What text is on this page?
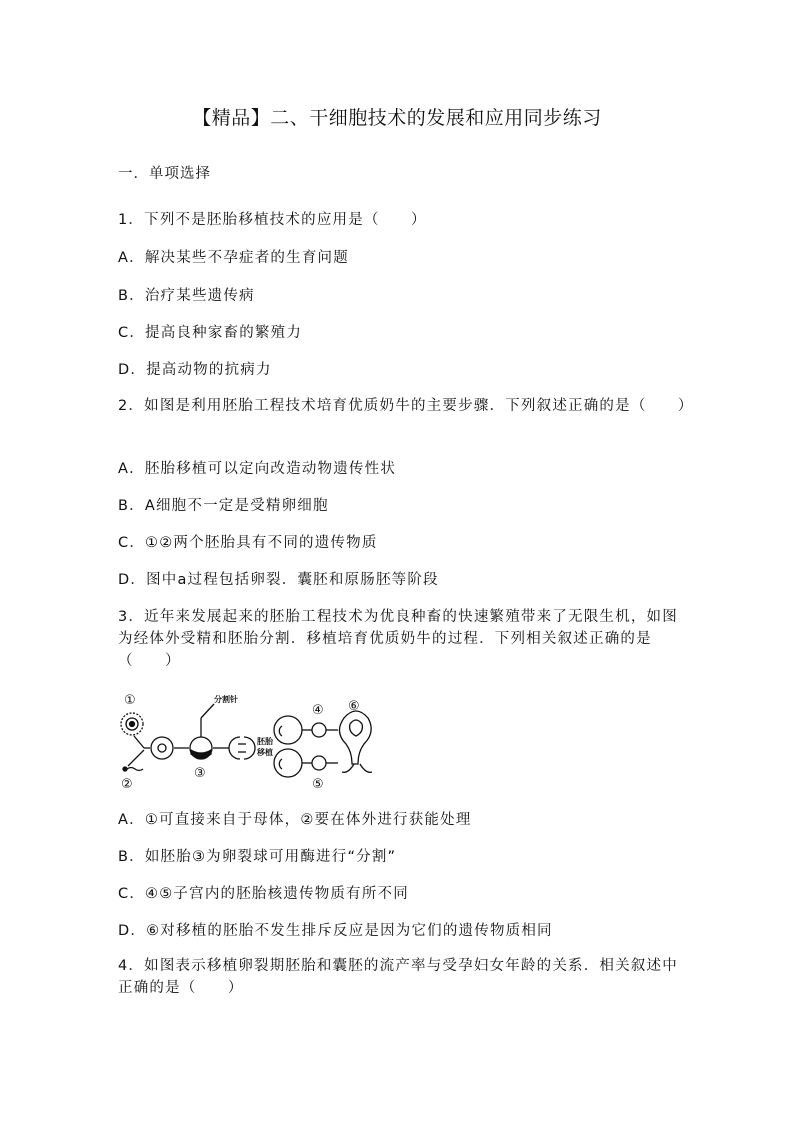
【精品】二、干细胞技术的发展和应用同步练习
一．单项选择
1．下列不是胚胎移植技术的应用是（　　）
A．解决某些不孕症者的生育问题
B．治疗某些遗传病
C．提高良种家畜的繁殖力
D．提高动物的抗病力
2．如图是利用胚胎工程技术培育优质奶牛的主要步骤．下列叙述正确的是（　　）
A．胚胎移植可以定向改造动物遗传性状
B．A细胞不一定是受精卵细胞
C．①②两个胚胎具有不同的遗传物质
D．图中a过程包括卵裂．囊胚和原肠胚等阶段
3．近年来发展起来的胚胎工程技术为优良种畜的快速繁殖带来了无限生机，如图为经体外受精和胚胎分割．移植培育优质奶牛的过程．下列相关叙述正确的是（　　）
①
②
③
④
⑤
⑥
分割针
胚胎
移植
A．①可直接来自于母体，②要在体外进行获能处理
B．如胚胎③为卵裂球可用酶进行“分割”
C．④⑤子宫内的胚胎核遗传物质有所不同
D．⑥对移植的胚胎不发生排斥反应是因为它们的遗传物质相同
4．如图表示移植卵裂期胚胎和囊胚的流产率与受孕妇女年龄的关系．相关叙述中正确的是（　　）
